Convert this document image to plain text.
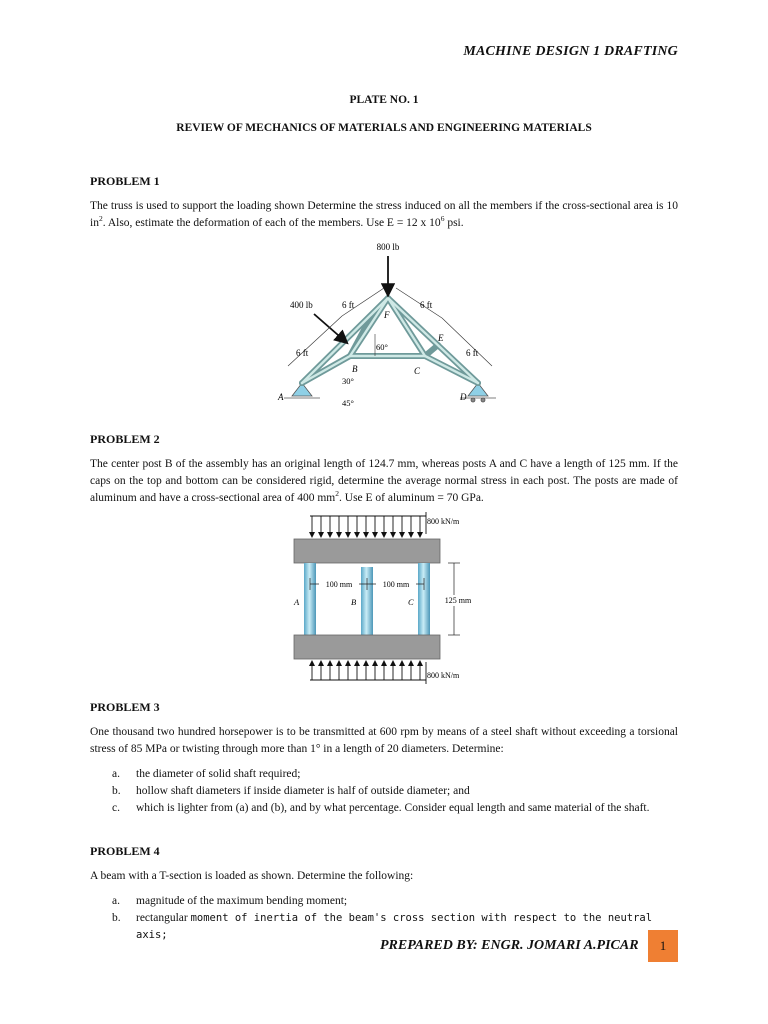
MACHINE DESIGN 1 DRAFTING
PLATE NO. 1
REVIEW OF MECHANICS OF MATERIALS AND ENGINEERING MATERIALS
PROBLEM 1
The truss is used to support the loading shown Determine the stress induced on all the members if the cross-sectional area is 10 $in^2$. Also, estimate the deformation of each of the members. Use E = 12 x $10^6$ psi.
800 lb
400 lb	6 ft	6 ft
6 ft	6 ft
60°
30°
45°
A
B	C
D
E
F
PROBLEM 2
The center post B of the assembly has an original length of 124.7 mm, whereas posts A and C have a length of 125 mm. If the caps on the top and bottom can be considered rigid, determine the average normal stress in each post. The posts are made of aluminum and have a cross-sectional area of 400 $mm^2$. Use E of aluminum = 70 GPa.
800 kN/m
800 kN/m
100 mm	100 mm
125 mm
A	B	C
PROBLEM 3
One thousand two hundred horsepower is to be transmitted at 600 rpm by means of a steel shaft without exceeding a torsional stress of 85 MPa or twisting through more than 1° in a length of 20 diameters. Determine:
a. the diameter of solid shaft required;
b. hollow shaft diameters if inside diameter is half of outside diameter; and
c. which is lighter from (a) and (b), and by what percentage. Consider equal length and same material of the shaft.
PROBLEM 4
A beam with a T-section is loaded as shown. Determine the following:
a. magnitude of the maximum bending moment;
b. rectangular moment of inertia of the beam's cross section with respect to the neutral axis;
PREPARED BY: ENGR. JOMARI A.PICAR	1
